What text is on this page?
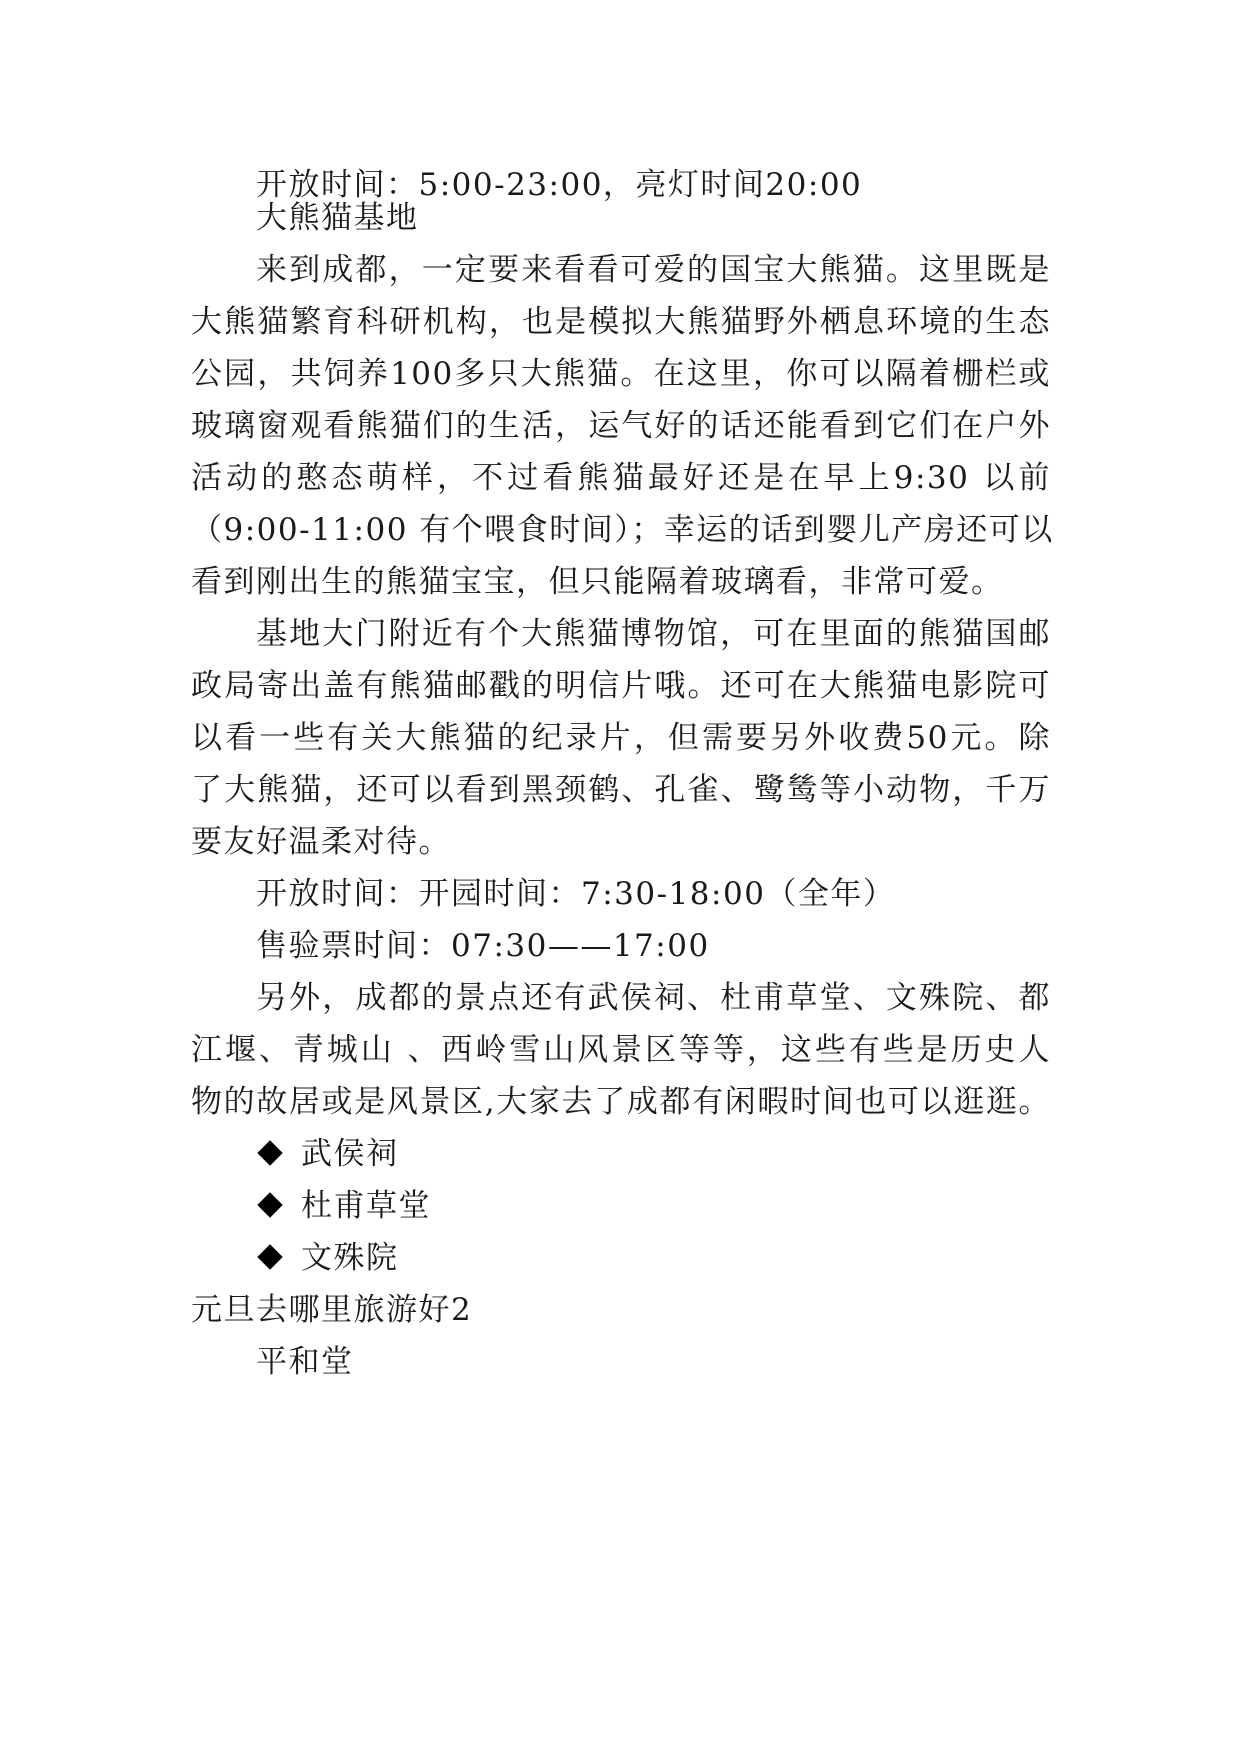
开放时间：5:00-23:00，亮灯时间20:00
大熊猫基地
来到成都，一定要来看看可爱的国宝大熊猫。这里既是
大熊猫繁育科研机构，也是模拟大熊猫野外栖息环境的生态
公园，共饲养100多只大熊猫。在这里，你可以隔着栅栏或
玻璃窗观看熊猫们的生活，运气好的话还能看到它们在户外
活动的憨态萌样，不过看熊猫最好还是在早上9:30 以前
（9:00-11:00 有个喂食时间）；幸运的话到婴儿产房还可以
看到刚出生的熊猫宝宝，但只能隔着玻璃看，非常可爱。
基地大门附近有个大熊猫博物馆，可在里面的熊猫国邮
政局寄出盖有熊猫邮戳的明信片哦。还可在大熊猫电影院可
以看一些有关大熊猫的纪录片，但需要另外收费50元。除
了大熊猫，还可以看到黑颈鹤、孔雀、鹭鸶等小动物，千万
要友好温柔对待。
开放时间：开园时间：7:30-18:00（全年）
售验票时间：07:30——17:00
另外，成都的景点还有武侯祠、杜甫草堂、文殊院、都
江堰、青城山 、西岭雪山风景区等等，这些有些是历史人
物的故居或是风景区,大家去了成都有闲暇时间也可以逛逛。
武侯祠
杜甫草堂
文殊院
元旦去哪里旅游好2
平和堂
